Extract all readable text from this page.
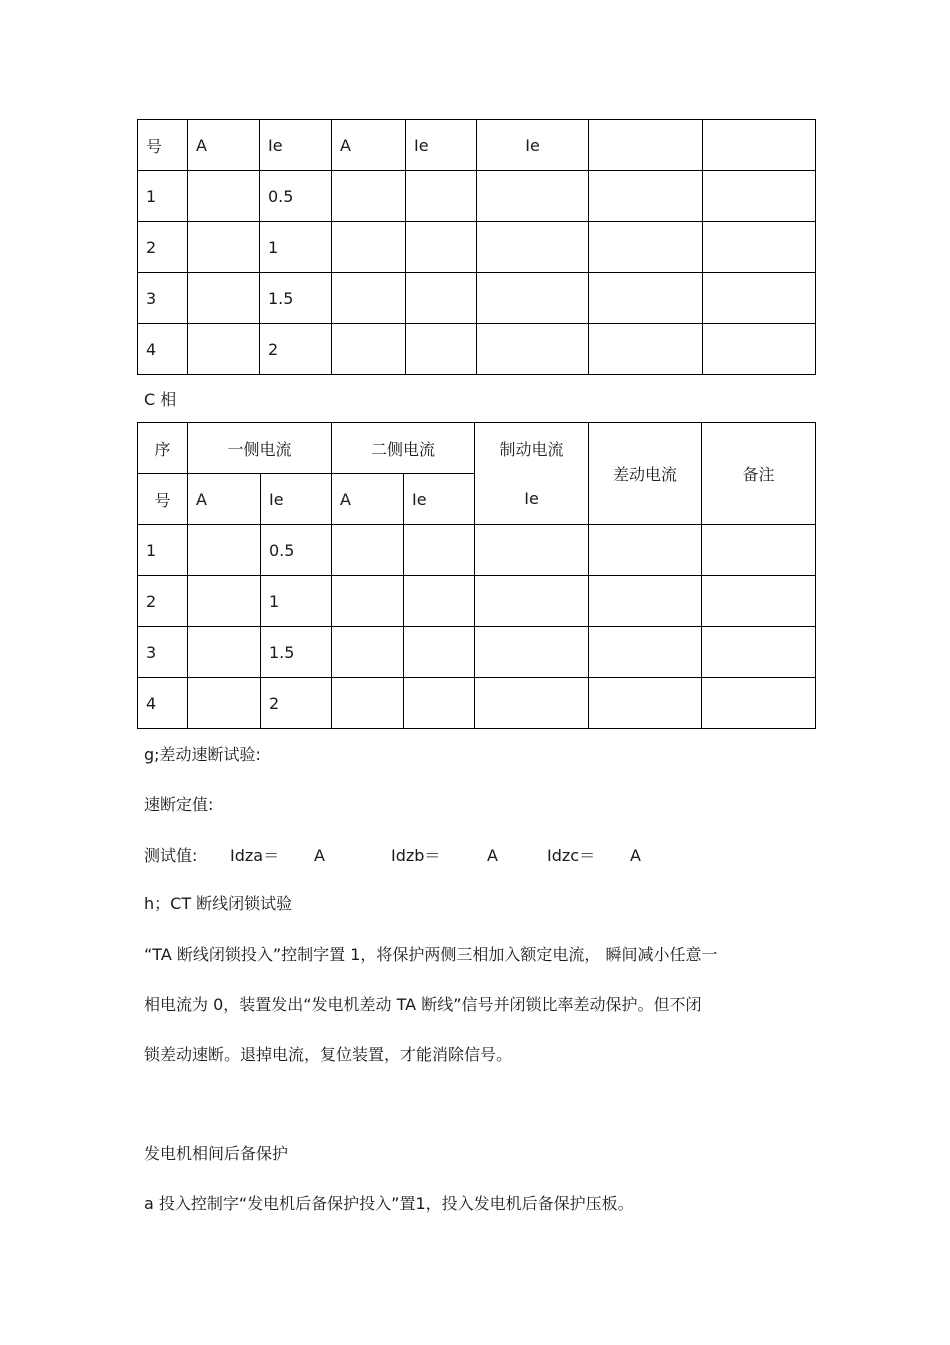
号	A	Ie	A	Ie	Ie		
1		0.5					
2		1					
3		1.5					
4		2					
C 相
序	一侧电流		二侧电流		制动电流	差动电流	备注
号	A	Ie	A	Ie	Ie		
1		0.5					
2		1					
3		1.5					
4		2					
g;差动速断试验:
速断定值:
测试值: Idza＝ A	Idzb＝	A	Idzc＝ A
h；CT 断线闭锁试验
“TA 断线闭锁投入”控制字置 1，将保护两侧三相加入额定电流， 瞬间减小任意一
相电流为 0，装置发出“发电机差动 TA 断线”信号并闭锁比率差动保护。但不闭
锁差动速断。退掉电流，复位装置，才能消除信号。
发电机相间后备保护
a 投入控制字“发电机后备保护投入”置1，投入发电机后备保护压板。
